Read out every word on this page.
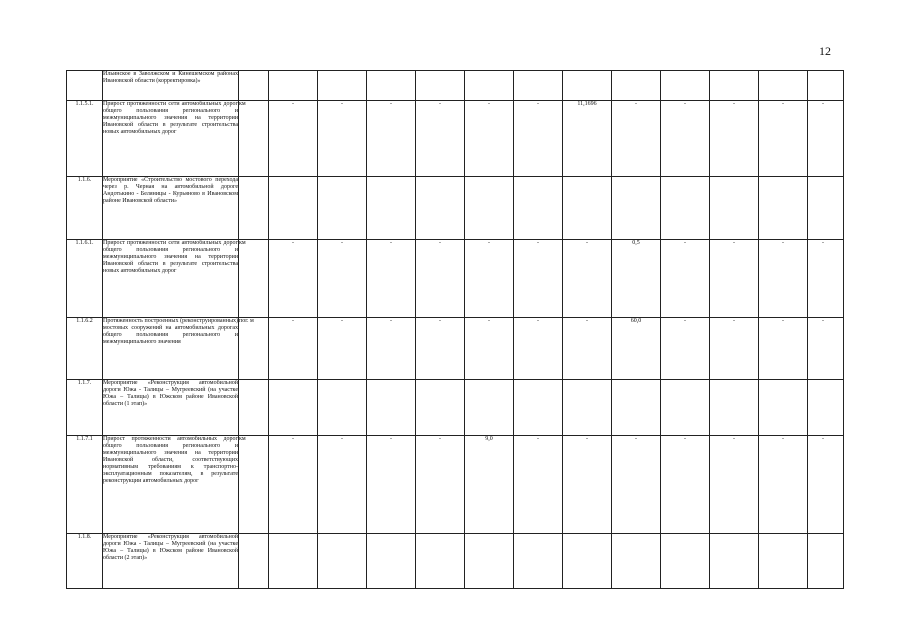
12
	Ильинское в Заволжском и Кинешемском районах Ивановской области (корректировка)»													
1.1.5.1.	Прирост протяженности сети автомобильных дорог общего пользования регионального и межмуниципального значения на территории Ивановской области в результате строительства новых автомобильных дорог	км	-	-	-	-	-	-	11,1696	-	-	-	-	-
1.1.6.	Мероприятие «Строительство мостового перехода через р. Черная на автомобильной дороге Андотькино - Беляницы - Курьяново в Ивановском районе Ивановской области»													
1.1.6.1.	Прирост протяженности сети автомобильных дорог общего пользования регионального и межмуниципального значения на территории Ивановской области в результате строительства новых автомобильных дорог	км	-	-	-	-	-	-	-	0,5	-	-	-	-
1.1.6.2	Протяженность построенных (реконструированных) мостовых сооружений на автомобильных дорогах общего пользования регионального и межмуниципального значения	пог. м	-	-	-	-	-	-	-	60,0	-	-	-	-
1.1.7.	Мероприятие «Реконструкция автомобильной дороги Южа - Талицы – Мугреевский (на участке Южа – Талицы) в Южском районе Ивановской области (1 этап)»													
1.1.7.1	Прирост протяженности автомобильных дорог общего пользования регионального и межмуниципального значения на территории Ивановской области, соответствующих нормативным требованиям к транспортно-эксплуатационным показателям, в результате реконструкции автомобильных дорог	км	-	-	-	-	9,0	-	-	-	-	-	-	-
1.1.8.	Мероприятие «Реконструкция автомобильной дороги Южа - Талицы – Мугреевский (на участке Южа – Талицы) в Южском районе Ивановской области (2 этап)»													
